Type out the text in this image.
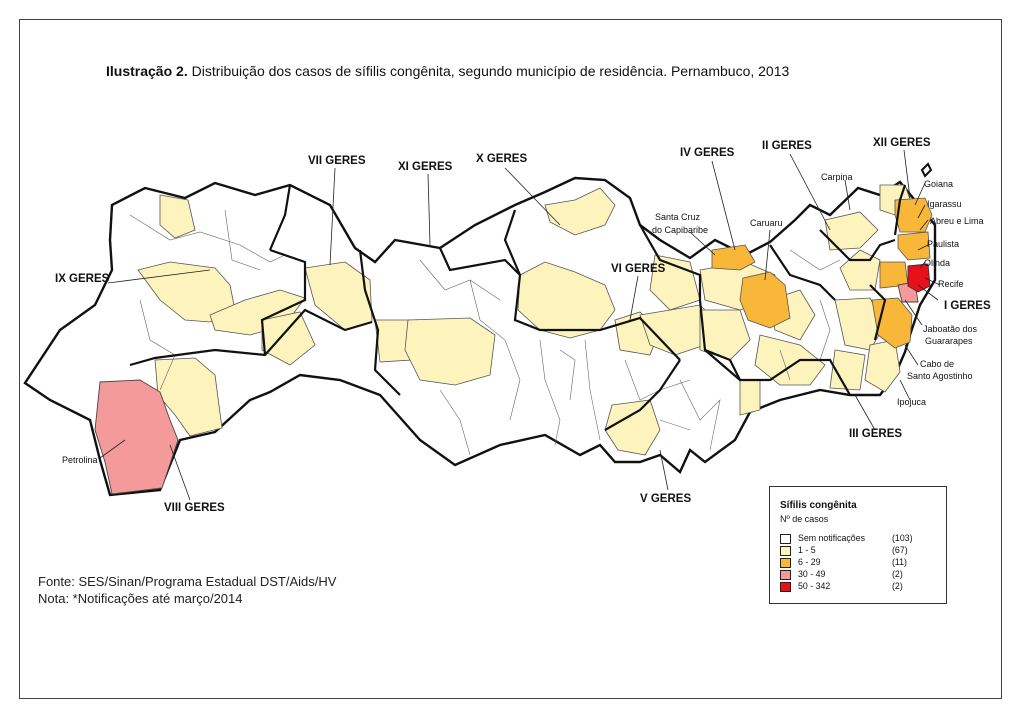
Ilustração 2. Distribuição dos casos de sífilis congênita, segundo município de residência. Pernambuco, 2013
VII GERES	XI GERES
X GERES
IX GERES
VI GERES
IV GERES
II GERES	XII GERES
I GERES
III GERES
V GERES
VIII GERES
Petrolina
Santa Cruz
do Capibaribe
Caruaru
Carpina
Goiana
Igarassu
Abreu e Lima
Paulista
Olinda
Recife
Jaboatão dos
Guararapes
Cabo de
Santo Agostinho
Ipojuca
Sífilis congênita
Nº de casos
Sem notificações	(103)
1 - 5	(67)
6 - 29	(11)
30 - 49	(2)
50 - 342	(2)
Fonte: SES/Sinan/Programa Estadual DST/Aids/HV
Nota: *Notificações até março/2014
